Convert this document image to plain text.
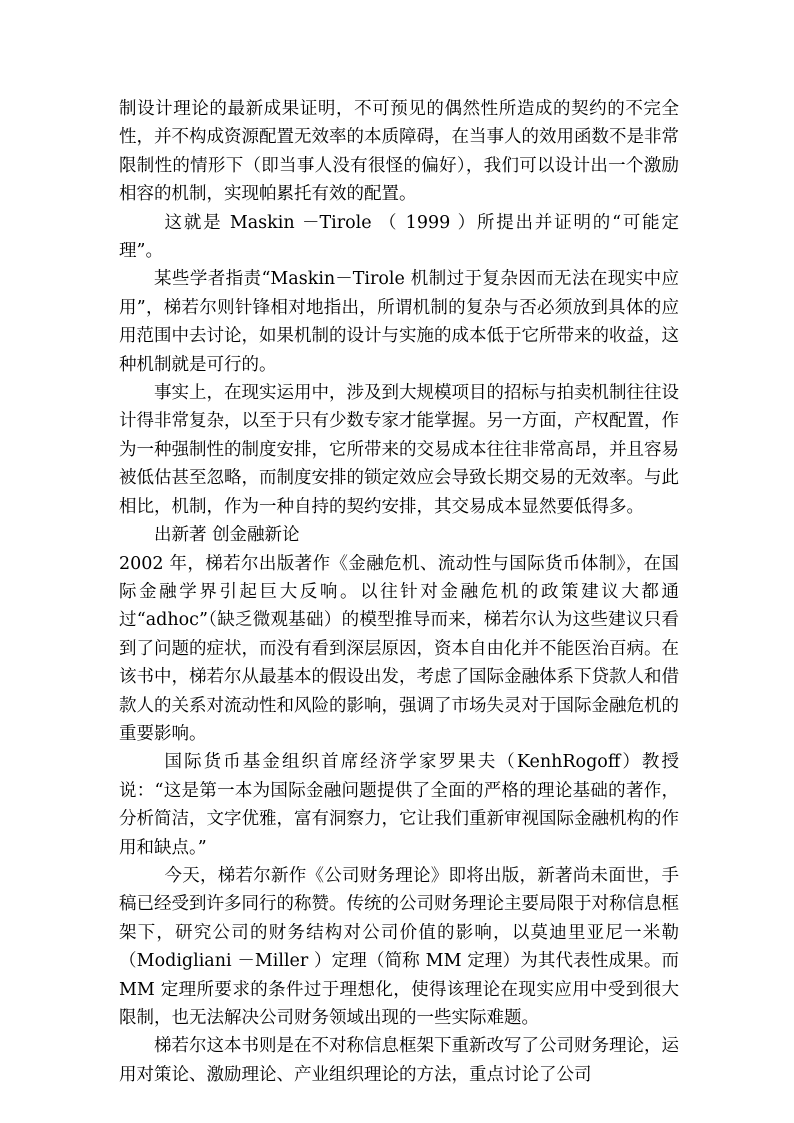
制设计理论的最新成果证明，不可预见的偶然性所造成的契约的不完全性，并不构成资源配置无效率的本质障碍，在当事人的效用函数不是非常限制性的情形下（即当事人没有很怪的偏好），我们可以设计出一个激励相容的机制，实现帕累托有效的配置。

这就是 Maskin －Tirole （ 1999 ）所提出并证明的“可能定理”。

某些学者指责“Maskin－Tirole 机制过于复杂因而无法在现实中应用”，梯若尔则针锋相对地指出，所谓机制的复杂与否必须放到具体的应用范围中去讨论，如果机制的设计与实施的成本低于它所带来的收益，这种机制就是可行的。

事实上，在现实运用中，涉及到大规模项目的招标与拍卖机制往往设计得非常复杂，以至于只有少数专家才能掌握。另一方面，产权配置，作为一种强制性的制度安排，它所带来的交易成本往往非常高昂，并且容易被低估甚至忽略，而制度安排的锁定效应会导致长期交易的无效率。与此相比，机制，作为一种自持的契约安排，其交易成本显然要低得多。

出新著 创金融新论

2002 年，梯若尔出版著作《金融危机、流动性与国际货币体制》，在国际金融学界引起巨大反响。以往针对金融危机的政策建议大都通过“adhoc”（缺乏微观基础）的模型推导而来，梯若尔认为这些建议只看到了问题的症状，而没有看到深层原因，资本自由化并不能医治百病。在该书中，梯若尔从最基本的假设出发，考虑了国际金融体系下贷款人和借款人的关系对流动性和风险的影响，强调了市场失灵对于国际金融危机的重要影响。

国际货币基金组织首席经济学家罗果夫（KenhRogoff）教授说：“这是第一本为国际金融问题提供了全面的严格的理论基础的著作，分析简洁，文字优雅，富有洞察力，它让我们重新审视国际金融机构的作用和缺点。”

今天，梯若尔新作《公司财务理论》即将出版，新著尚未面世，手稿已经受到许多同行的称赞。传统的公司财务理论主要局限于对称信息框架下，研究公司的财务结构对公司价值的影响，以莫迪里亚尼一米勒（Modigliani －Miller ）定理（简称 MM 定理）为其代表性成果。而 MM 定理所要求的条件过于理想化，使得该理论在现实应用中受到很大限制，也无法解决公司财务领域出现的一些实际难题。

梯若尔这本书则是在不对称信息框架下重新改写了公司财务理论，运用对策论、激励理论、产业组织理论的方法，重点讨论了公司
